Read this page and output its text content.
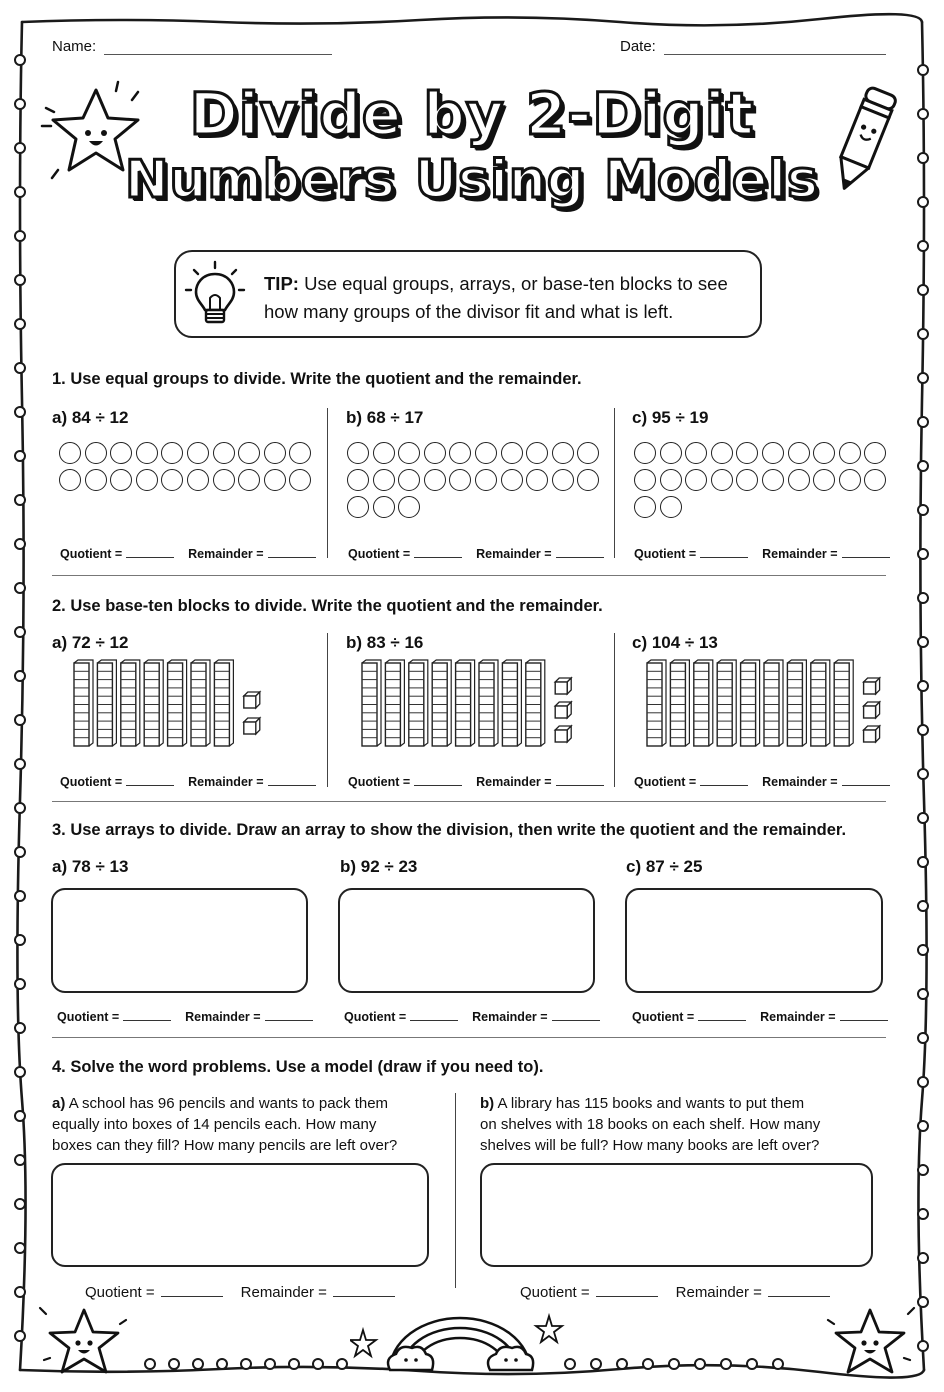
Name:	Date:
Divide by 2-Digit
Numbers Using Models
TIP: Use equal groups, arrays, or base-ten blocks to see
how many groups of the divisor fit and what is left.
1. Use equal groups to divide. Write the quotient and the remainder.
a) 84 ÷ 12	b) 68 ÷ 17	c) 95 ÷ 19
Quotient =	Remainder =	Quotient =	Remainder =	Quotient =	Remainder =
2. Use base-ten blocks to divide. Write the quotient and the remainder.
a) 72 ÷ 12	b) 83 ÷ 16	c) 104 ÷ 13
Quotient =	Remainder =	Quotient =	Remainder =	Quotient =	Remainder =
3. Use arrays to divide. Draw an array to show the division, then write the quotient and the remainder.
a) 78 ÷ 13	b) 92 ÷ 23	c) 87 ÷ 25
Quotient =	Remainder =	Quotient =	Remainder =	Quotient =	Remainder =
4. Solve the word problems. Use a model (draw if you need to).
a) A school has 96 pencils and wants to pack them
equally into boxes of 14 pencils each. How many
boxes can they fill? How many pencils are left over?
b) A library has 115 books and wants to put them
on shelves with 18 books on each shelf. How many
shelves will be full? How many books are left over?
Quotient =	Remainder =	Quotient =	Remainder =
